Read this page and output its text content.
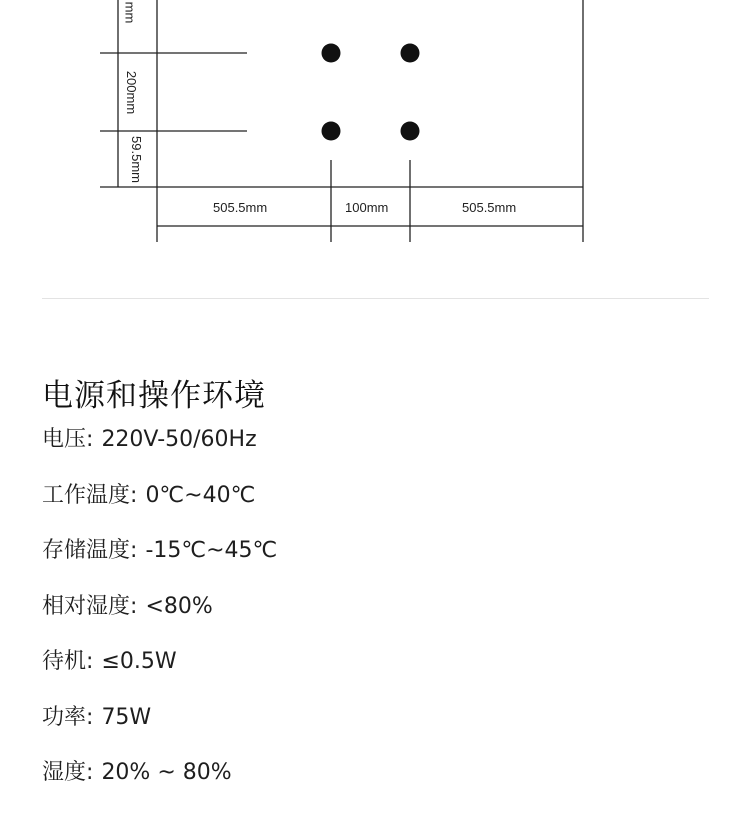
mm
200mm
59.5mm
505.5mm	100mm	505.5mm
电源和操作环境
电压 : 220V-50/60Hz
工作温度 : 0℃~40℃
存储温度 : -15℃~45℃
相对湿度 : <80%
待机 : ≤0.5W
功率 : 75W
湿度 : 20% ~ 80%
